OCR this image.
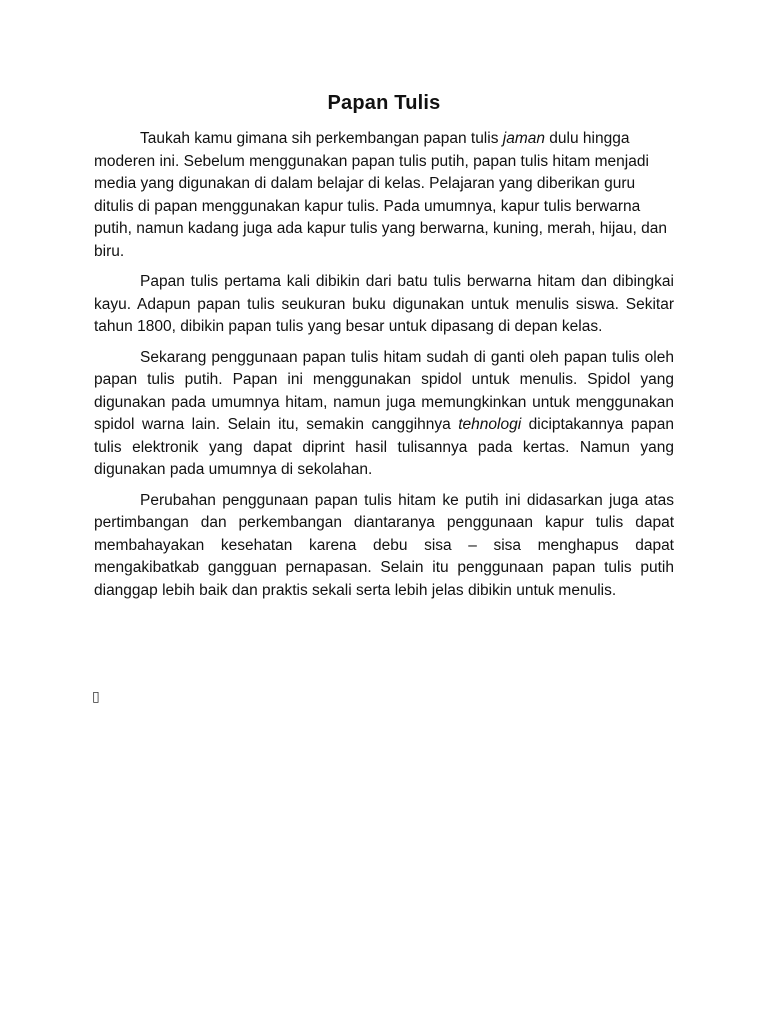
Papan Tulis

Taukah kamu gimana sih perkembangan papan tulis jaman dulu hingga moderen ini. Sebelum menggunakan papan tulis putih, papan tulis hitam menjadi media yang digunakan di dalam belajar di kelas. Pelajaran yang diberikan guru ditulis di papan menggunakan kapur tulis. Pada umumnya, kapur tulis berwarna putih, namun kadang juga ada kapur tulis yang berwarna, kuning, merah, hijau, dan biru.

Papan tulis pertama kali dibikin dari batu tulis berwarna hitam dan dibingkai kayu. Adapun papan tulis seukuran buku digunakan untuk menulis siswa. Sekitar tahun 1800, dibikin papan tulis yang besar untuk dipasang di depan kelas.

Sekarang penggunaan papan tulis hitam sudah di ganti oleh papan tulis oleh papan tulis putih. Papan ini menggunakan spidol untuk menulis. Spidol yang digunakan pada umumnya hitam, namun juga memungkinkan untuk menggunakan spidol warna lain. Selain itu, semakin canggihnya tehnologi diciptakannya papan tulis elektronik yang dapat diprint hasil tulisannya pada kertas. Namun yang digunakan pada umumnya di sekolahan.

Perubahan penggunaan papan tulis hitam ke putih ini didasarkan juga atas pertimbangan dan perkembangan diantaranya penggunaan kapur tulis dapat membahayakan kesehatan karena debu sisa – sisa menghapus dapat mengakibatkab gangguan pernapasan. Selain itu penggunaan papan tulis putih dianggap lebih baik dan praktis sekali serta lebih jelas dibikin untuk menulis.

▯
